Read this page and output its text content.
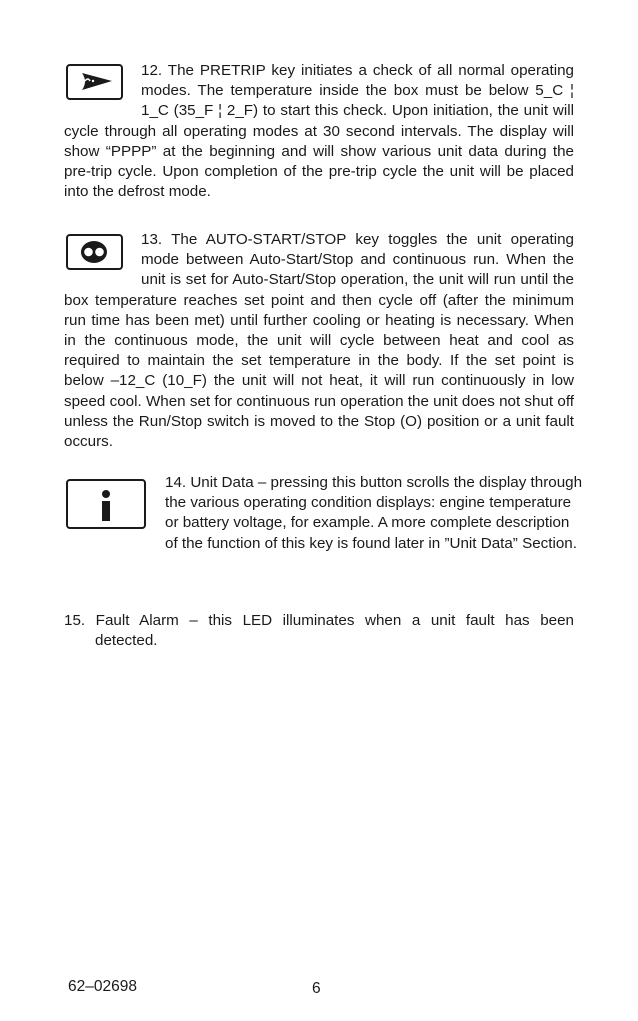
12. The PRETRIP key initiates a check of all normal operating modes. The temperature inside the box must be below 5_C ¦ 1_C (35_F ¦ 2_F) to start this check. Upon initiation, the unit will cycle through all operating modes at 30 second intervals. The display will show “PPPP” at the beginning and will show various unit data during the pre-trip cycle. Upon completion of the pre-trip cycle the unit will be placed into the defrost mode.

13. The AUTO-START/STOP key toggles the unit operating mode between Auto-Start/Stop and continuous run. When the unit is set for Auto-Start/Stop operation, the unit will run until the box temperature reaches set point and then cycle off (after the minimum run time has been met) until further cooling or heating is necessary. When in the continuous mode, the unit will cycle between heat and cool as required to maintain the set temperature in the body. If the set point is below –12_C (10_F) the unit will not heat, it will run continuously in low speed cool. When set for continuous run operation the unit does not shut off unless the Run/Stop switch is moved to the Stop (O) position or a unit fault occurs.

14. Unit Data – pressing this button scrolls the display through the various operating condition displays: engine temperature or battery voltage, for example. A more complete description of the function of this key is found later in ”Unit Data” Section.

15. Fault Alarm – this LED illuminates when a unit fault has been
detected.
62–02698	6
